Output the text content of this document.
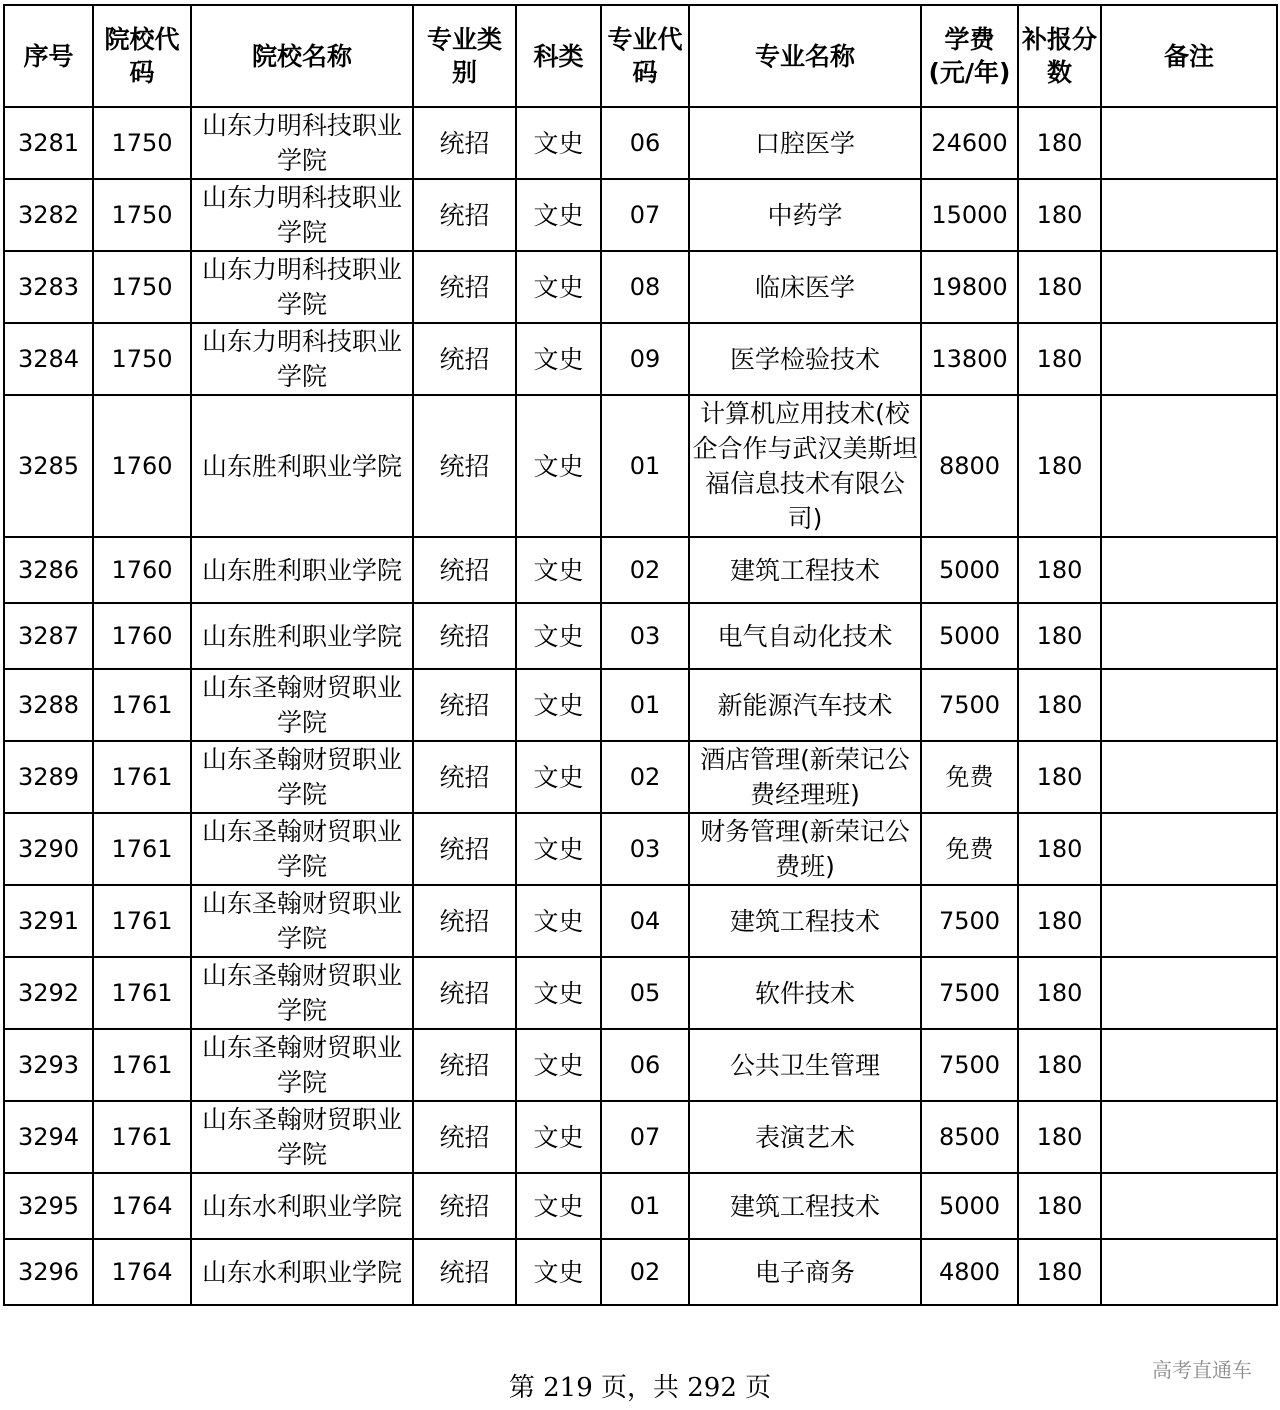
序号	院校代码	院校名称	专业类别	科类	专业代码	专业名称	学费(元/年)	补报分数	备注
3281	1750	山东力明科技职业学院	统招	文史	06	口腔医学	24600	180	
3282	1750	山东力明科技职业学院	统招	文史	07	中药学	15000	180	
3283	1750	山东力明科技职业学院	统招	文史	08	临床医学	19800	180	
3284	1750	山东力明科技职业学院	统招	文史	09	医学检验技术	13800	180	
3285	1760	山东胜利职业学院	统招	文史	01	计算机应用技术(校企合作与武汉美斯坦福信息技术有限公司)	8800	180	
3286	1760	山东胜利职业学院	统招	文史	02	建筑工程技术	5000	180	
3287	1760	山东胜利职业学院	统招	文史	03	电气自动化技术	5000	180	
3288	1761	山东圣翰财贸职业学院	统招	文史	01	新能源汽车技术	7500	180	
3289	1761	山东圣翰财贸职业学院	统招	文史	02	酒店管理(新荣记公费经理班)	免费	180	
3290	1761	山东圣翰财贸职业学院	统招	文史	03	财务管理(新荣记公费班)	免费	180	
3291	1761	山东圣翰财贸职业学院	统招	文史	04	建筑工程技术	7500	180	
3292	1761	山东圣翰财贸职业学院	统招	文史	05	软件技术	7500	180	
3293	1761	山东圣翰财贸职业学院	统招	文史	06	公共卫生管理	7500	180	
3294	1761	山东圣翰财贸职业学院	统招	文史	07	表演艺术	8500	180	
3295	1764	山东水利职业学院	统招	文史	01	建筑工程技术	5000	180	
3296	1764	山东水利职业学院	统招	文史	02	电子商务	4800	180	
第 219 页，共 292 页
高考直通车
